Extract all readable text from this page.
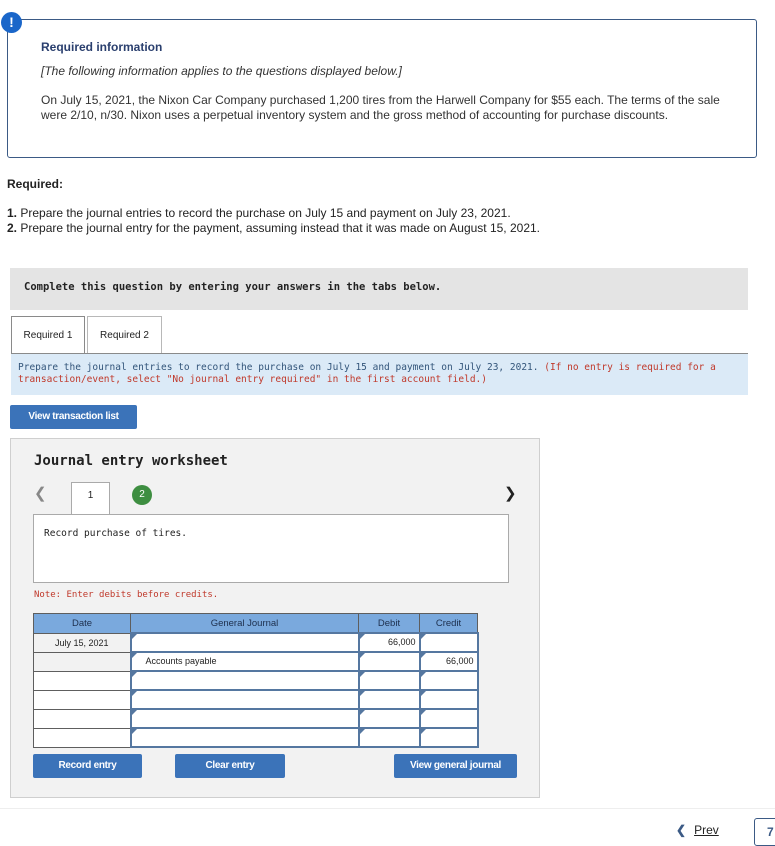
!
Required information
[The following information applies to the questions displayed below.]
On July 15, 2021, the Nixon Car Company purchased 1,200 tires from the Harwell Company for $55 each. The terms of the sale were 2/10, n/30. Nixon uses a perpetual inventory system and the gross method of accounting for purchase discounts.
Required:
1. Prepare the journal entries to record the purchase on July 15 and payment on July 23, 2021.
2. Prepare the journal entry for the payment, assuming instead that it was made on August 15, 2021.
Complete this question by entering your answers in the tabs below.
Required 1	Required 2
Prepare the journal entries to record the purchase on July 15 and payment on July 23, 2021. (If no entry is required for a transaction/event, select "No journal entry required" in the first account field.)
View transaction list
Journal entry worksheet
❮	1	2	❯
Record purchase of tires.
Note: Enter debits before credits.
Date	General Journal	Debit	Credit
July 15, 2021		66,000	

	Accounts payable		66,000

Record entry	Clear entry	View general journal
❮ Prev	7
